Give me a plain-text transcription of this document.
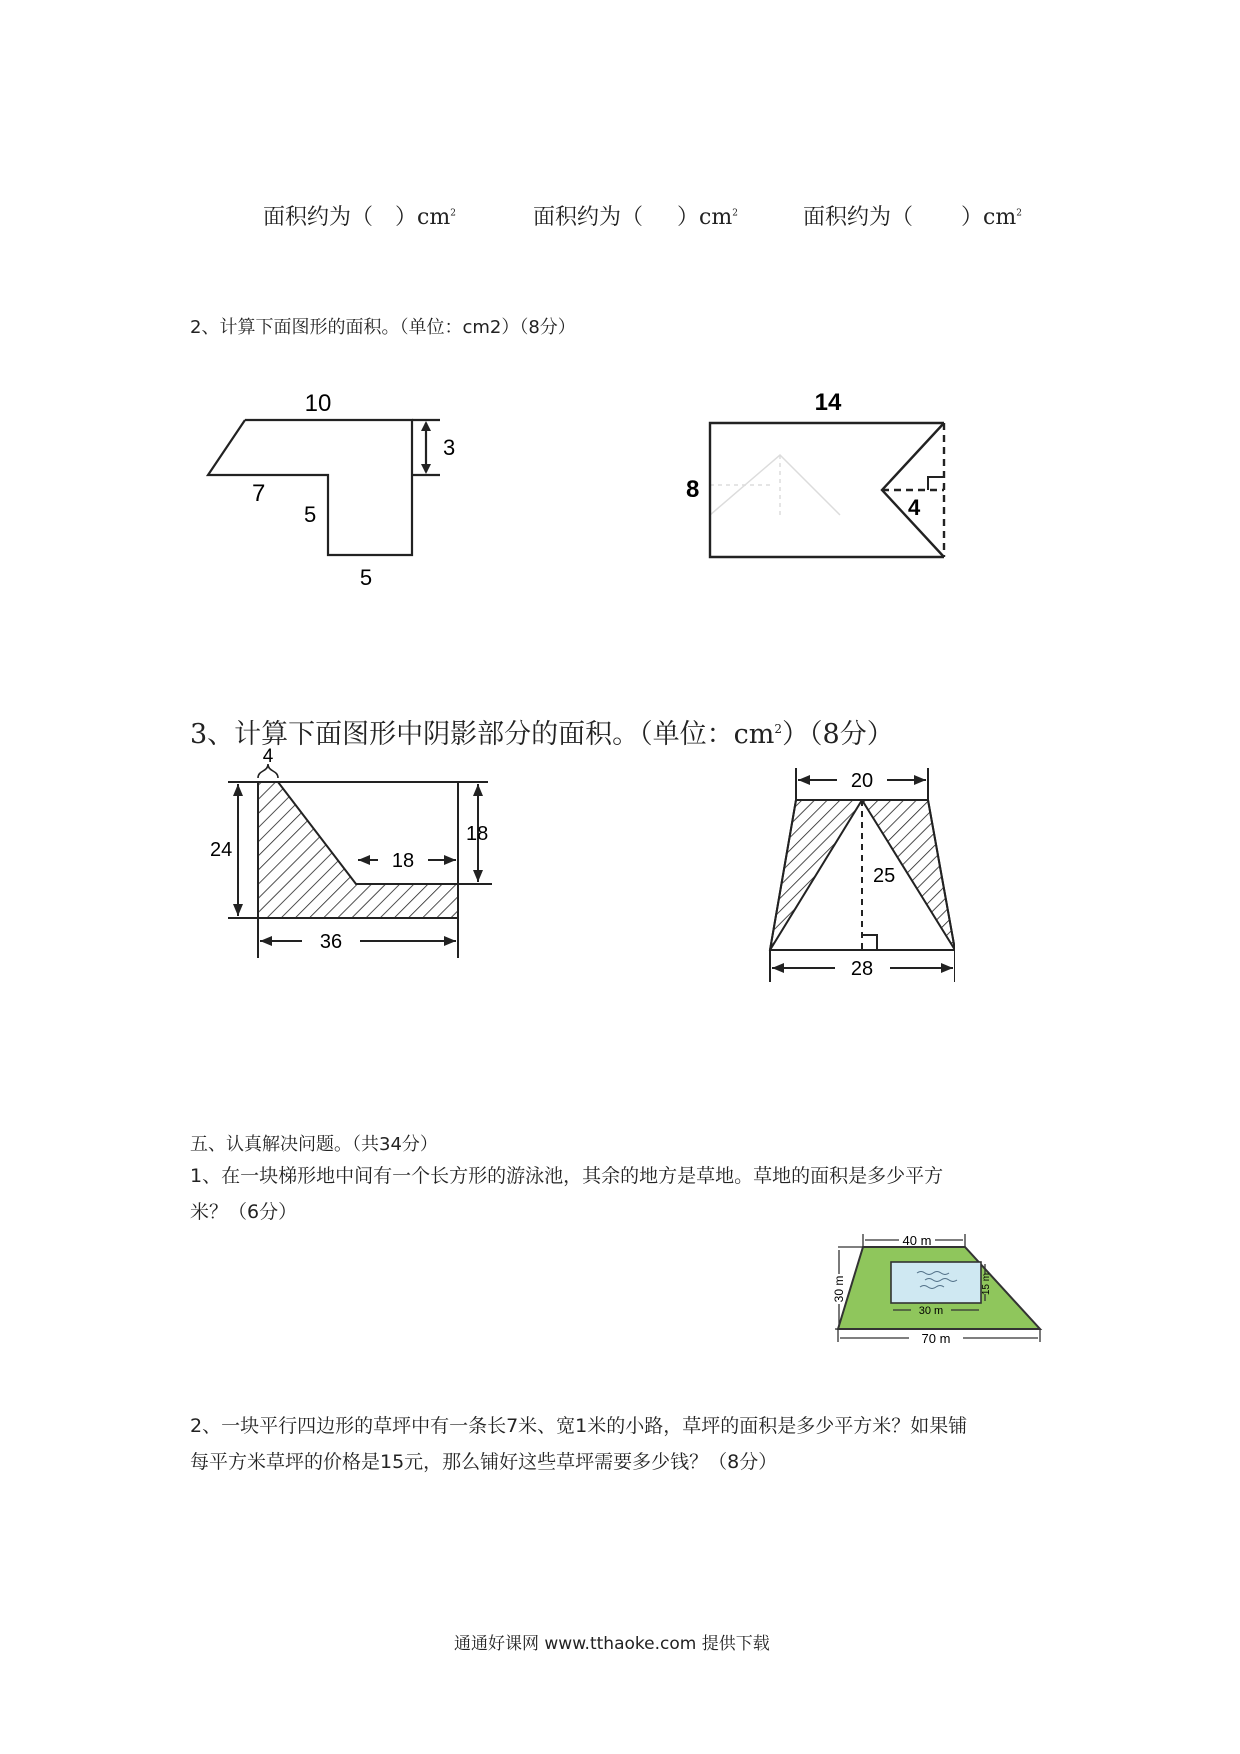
面积约为（ ）$cm^2$	面积约为（ ）$cm^2$	面积约为（ ）$cm^2$
2、计算下面图形的面积。（单位：cm2）（8分）
10
3
7
5
5
14
8
4
3、计算下面图形中阴影部分的面积。（单位：$cm^2)(8$分）
4
24
18
18
36
20
25
28
五、认真解决问题。（共34分）
1、在一块梯形地中间有一个长方形的游泳池，其余的地方是草地。草地的面积是多少平方
米？（6分）
40 m
30 m
30 m
15 m
70 m
2、一块平行四边形的草坪中有一条长7米、宽1米的小路，草坪的面积是多少平方米？如果铺
每平方米草坪的价格是15元，那么铺好这些草坪需要多少钱？（8分）
通通好课网 www.tthaoke.com 提供下载
